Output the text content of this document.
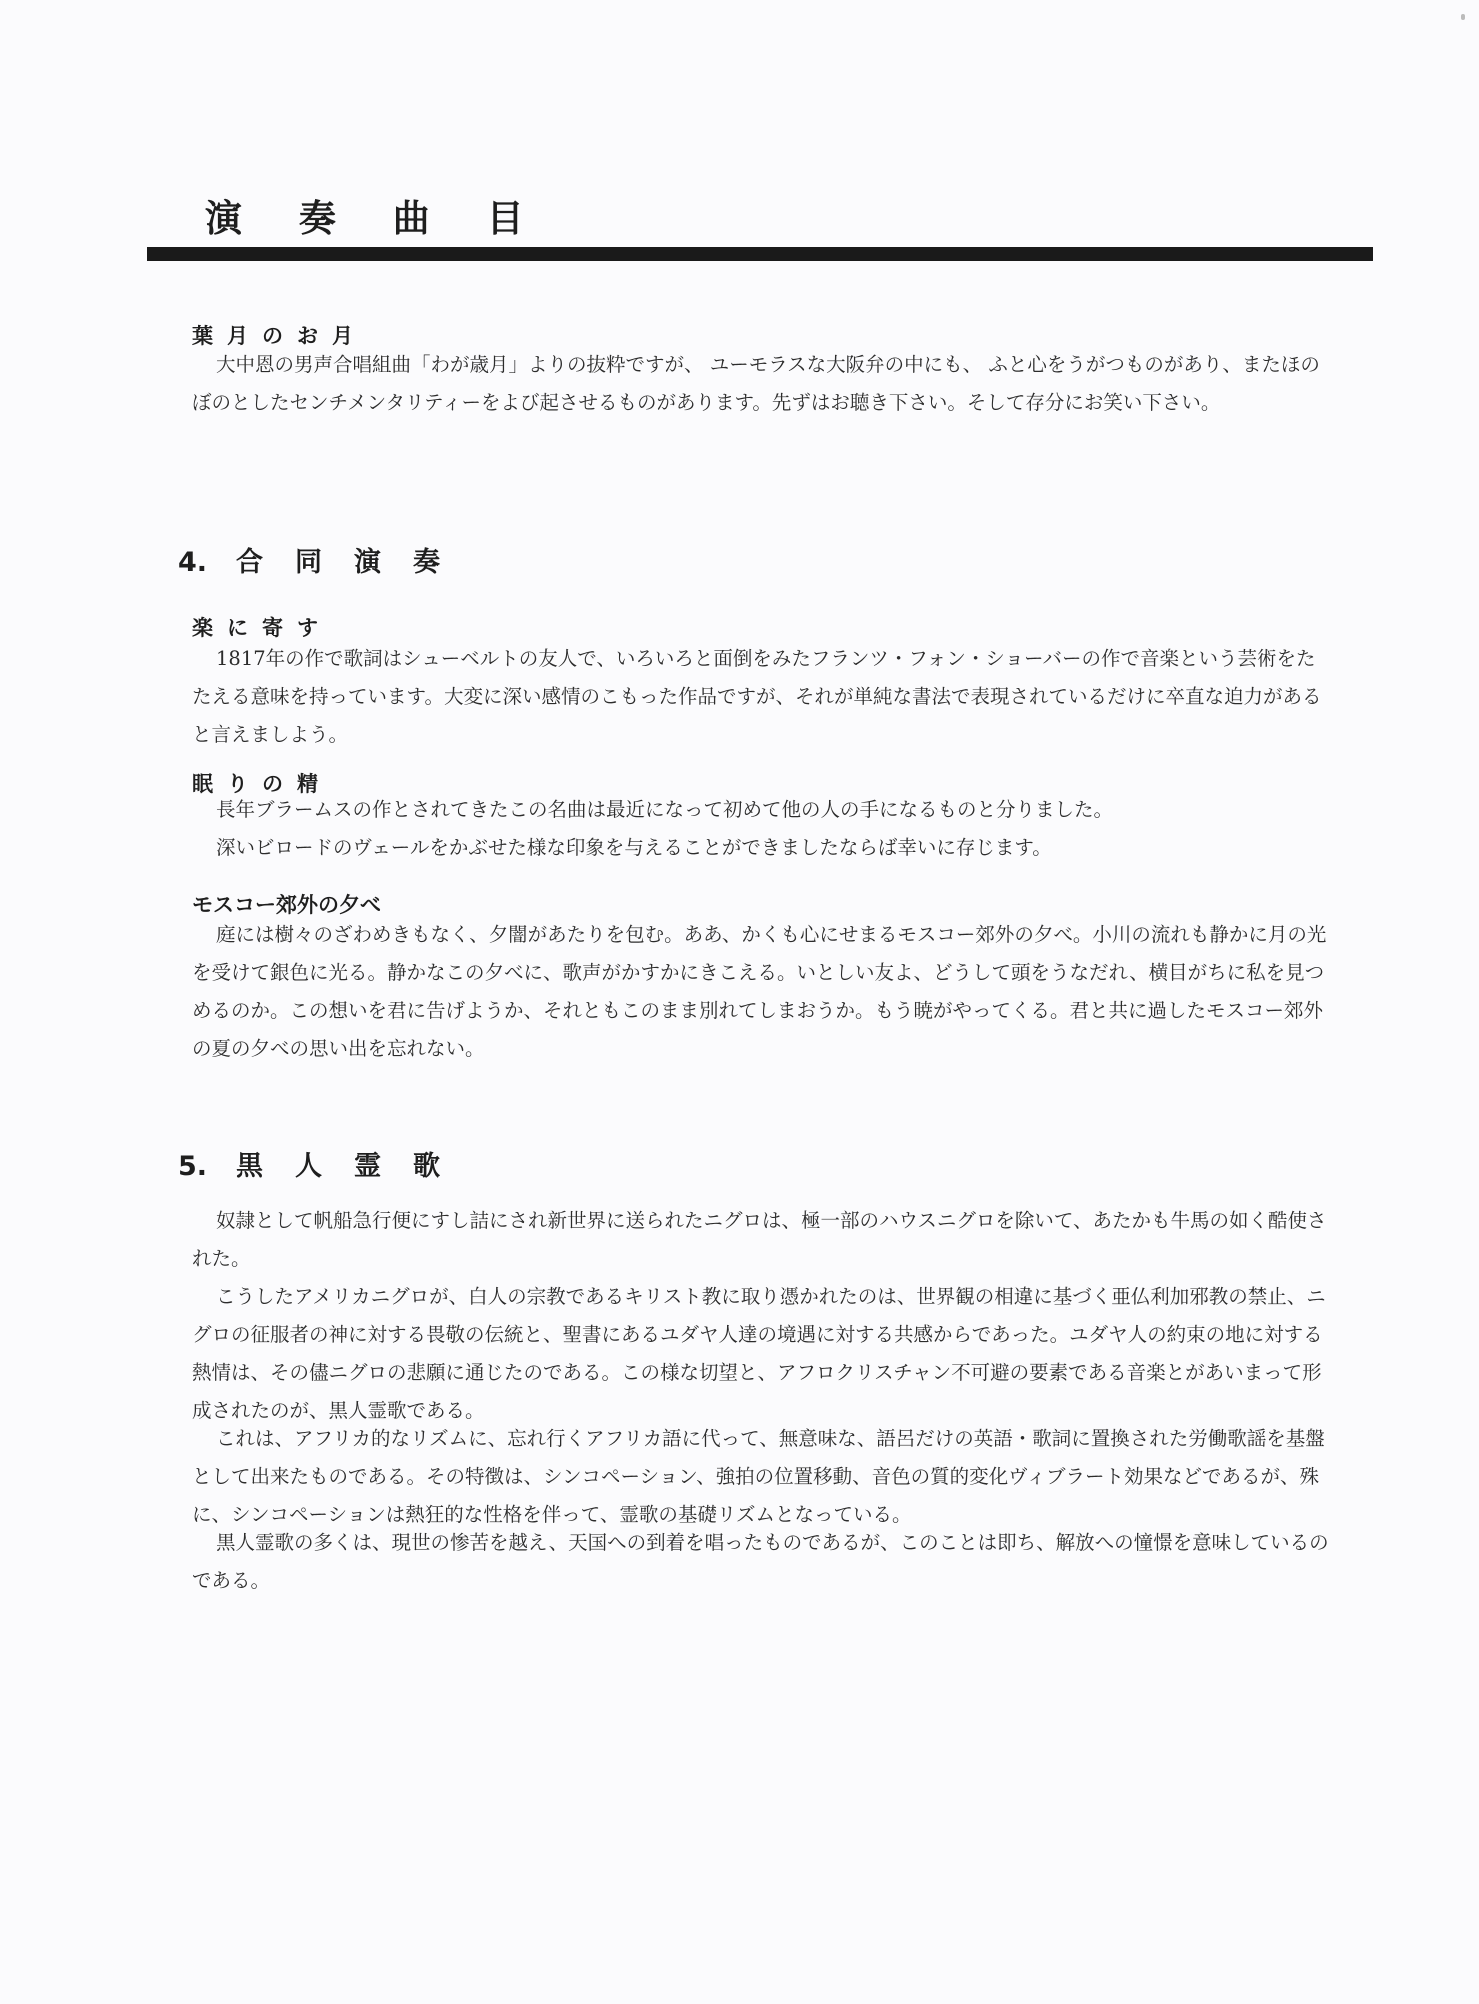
演 奏 曲 目
葉月のお月

大中恩の男声合唱組曲「わが歳月」よりの抜粋ですが、 ユーモラスな大阪弁の中にも、 ふと心をうがつものがあり、またほのぼのとしたセンチメンタリティーをよび起させるものがあります。先ずはお聴き下さい。そして存分にお笑い下さい。

4. 合同演奏
楽に寄す

1817年の作で歌詞はシューベルトの友人で、いろいろと面倒をみたフランツ・フォン・ショーバーの作で音楽という芸術をたたえる意味を持っています。大変に深い感情のこもった作品ですが、それが単純な書法で表現されているだけに卒直な迫力があると言えましよう。

眠りの精

長年ブラームスの作とされてきたこの名曲は最近になって初めて他の人の手になるものと分りました。

深いビロードのヴェールをかぶせた様な印象を与えることができましたならば幸いに存じます。

モスコー郊外の夕べ

庭には樹々のざわめきもなく、夕闇があたりを包む。ああ、かくも心にせまるモスコー郊外の夕べ。小川の流れも静かに月の光を受けて銀色に光る。静かなこの夕べに、歌声がかすかにきこえる。いとしい友よ、どうして頭をうなだれ、横目がちに私を見つめるのか。この想いを君に告げようか、それともこのまま別れてしまおうか。もう暁がやってくる。君と共に過したモスコー郊外の夏の夕べの思い出を忘れない。

5. 黒人霊歌

奴隷として帆船急行便にすし詰にされ新世界に送られたニグロは、極一部のハウスニグロを除いて、あたかも牛馬の如く酷使された。

こうしたアメリカニグロが、白人の宗教であるキリスト教に取り憑かれたのは、世界観の相違に基づく亜仏利加邪教の禁止、ニグロの征服者の神に対する畏敬の伝統と、聖書にあるユダヤ人達の境遇に対する共感からであった。ユダヤ人の約束の地に対する熱情は、その儘ニグロの悲願に通じたのである。この様な切望と、アフロクリスチャン不可避の要素である音楽とがあいまって形成されたのが、黒人霊歌である。

これは、アフリカ的なリズムに、忘れ行くアフリカ語に代って、無意味な、語呂だけの英語・歌詞に置換された労働歌謡を基盤として出来たものである。その特徴は、シンコペーション、強拍の位置移動、音色の質的変化ヴィブラート効果などであるが、殊に、シンコペーションは熱狂的な性格を伴って、霊歌の基礎リズムとなっている。

黒人霊歌の多くは、現世の惨苦を越え、天国への到着を唱ったものであるが、このことは即ち、解放への憧憬を意味しているのである。
